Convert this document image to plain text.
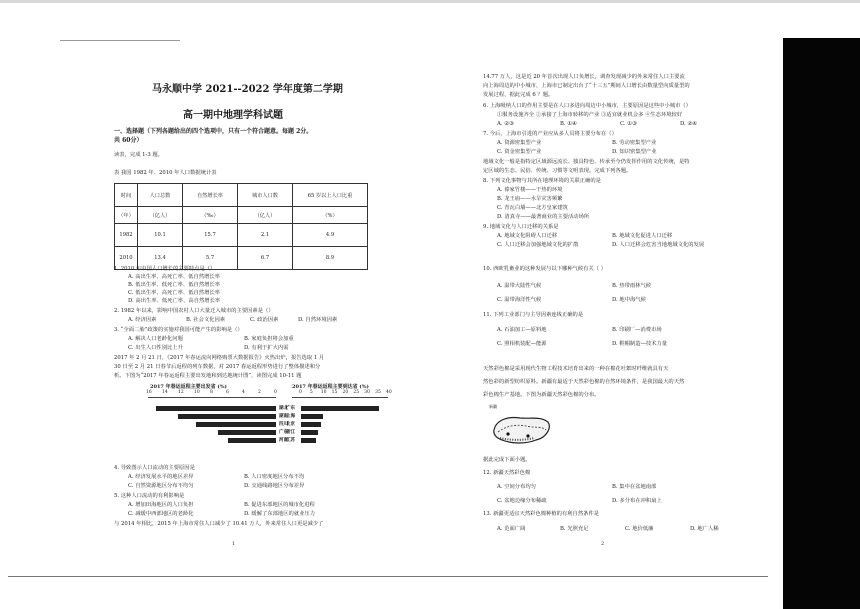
马永顺中学 2021--2022 学年度第二学期
高一期中地理学科试题
一、选择题（下列各题给出的四个选项中，只有一个符合题意。每题 2分。
共 60分）
读表，完成 1-3 题。
表 我国 1982 年、2010 年人口数据统计表
时间	人口总数	自然增长率	城市人口数	65 岁以上人口比重
（年）	（亿人）	（‰）	（亿人）	（%）
1982	10.1	15.7	2.1	4.9
2010	13.4	5.7	6.7	8.9
1. 2010 年中国人口增长的主要特点是（）
A. 高出生率、高死亡率、低自然增长率
B. 低出生率、低死亡率、低自然增长率
C. 低出生率、高死亡率、低自然增长率
D. 高出生率、低死亡率、高自然增长率
2. 1982 年以来，影响中国农村人口大量迁入城市的主要因素是（）
A. 经济因素	B. 社会文化因素	C. 政治因素	D. 自然环境因素
3. “全面二胎”政策的实施对我国可能产生的影响是（）
A. 解决人口老龄化问题	B. 家庭负担将会加重
C. 出生人口性别比上升	D. 有利于扩大内需
2017 年 2 月 21 日，《2017 年春运流向网络购票大数据报告》火热出炉，报告选取 1 月
30 日至 2 月 21 日春节后返程的列车数据，对 2017 春运返程形势进行了整体描述和分
析。下图为“2017 年春运返程主要出发地和到达地统计图”，读图完成 10-11 题
2017 年春运返程主要出发省 (%)
16 14 12 10 8	6	4	2	0
湖北
湖南
四川
广东
河南
2017 年春运返程主要到达省 (%)
0 5 10 15 20 25 30 35 40
广东
上海
北京
浙江
江苏
4. 导致图示人口流动的主要原因是
A. 经济发展水平的地区差异	B. 人口密度地区分布不均
C. 自然资源地区分布不均匀	D. 交通线路地区分布差异
5. 这种人口流动的有利影响是
A. 增加田海地区的人口负担	B. 促进东部地区的城市化进程
C. 减缓中西部地区的老龄化	D. 缓解了东部地区的就业压力
与 2014 年相比，2015 年上海市常住人口减少了 10.41 万人，外来常住人口更是减少了
1
14.77 万人，这是近 20 年首次出现人口负增长，调查发现减少的外来常住人口主要流
向上海周边的中小城市，上海市已制定出台了“十三五”期间人口增长由数量型向质量型的
发展过程，据此完成 6 ？题。
6. 上海吸纳人口的作用主要是在人口多进向周边中小城市，主要原因是这些中小城市（）
①服务设施齐全 ②承接了上海市转移的产业 ③适宜就业机会多 ④生态环境较好
A. ②③	B. ①④	C. ①③	D. ②④
7. 今后，上海市引进的产业应从多人员将主要分布在（）
A. 资源密集型产业	B. 劳动密集型产业
C. 资金密集型产业	D. 知识密集型产业
地域文化一般是指特定区域源远流长、独具特色、传承至今仍发挥作用的文化传统，是特
定区域的生态、民俗、传统、习惯等文明表现。完成下列各题。
8. 下列文化事物与其所在地理环境的关联正确的是
A. 傣家竹楼——干热的环境
B. 龙王庙——水旱灾害频繁
C. 青瓦白墙——北方皇家建筑
D. 清真寺——最著商业的主要活动场所
9. 地域文化与人口迁移的关系是
A. 地域文化阻碍人口迁移	B. 地域文化促进人口迁移
C. 人口迁移会加强地域文化的扩散	D. 人口迁移会危害当地地域文化的发展
10. 西欧乳畜业的这种发展与以下哪种气候有关（ ）
A. 温带大陆性气候	B. 热带雨林气候
C. 温带海洋性气候	D. 地中海气候
11. 下列工业部门与主导因素连线正确的是
A. 石油加工—原料地	B. 印刷厂—消费市场
C. 照相机装配—能源	D. 鞋帽制造—技术力量
天然彩色棉是采用现代生物工程技术培育出来的一种在棉花吐絮时纤维就具有天
然色彩的新型纺织原料。新疆有最适于天然彩色棉的自然环境条件，是我国最大的天然
彩色棉生产基地。下图为新疆天然彩色棉的分布。
新疆
据此完成下面小题。
12. 新疆天然彩色棉
A. 空间分布均匀	B. 集中在盆地南部
C. 盆地边缘分布稀疏	D. 多分布在冲积扇上
13. 新疆更适宜天然彩色棉种植的有利自然条件是
A. 范面广阔	B. 光照充足	C. 地价低廉	D. 地广人稀
2
